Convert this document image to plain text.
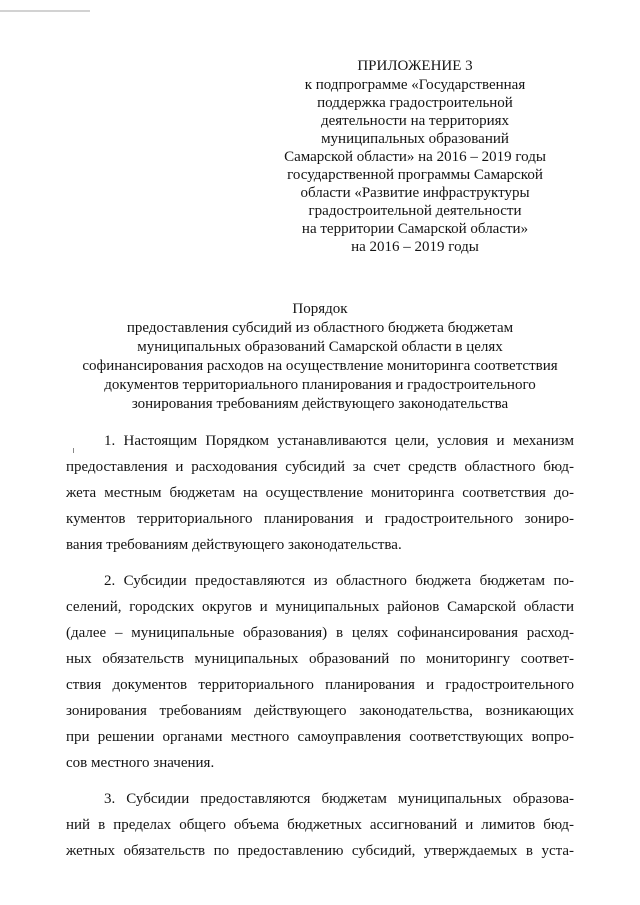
ПРИЛОЖЕНИЕ 3
к подпрограмме «Государственная
поддержка градостроительной
деятельности на территориях
муниципальных образований
Самарской области» на 2016 – 2019 годы
государственной программы Самарской
области «Развитие инфраструктуры
градостроительной деятельности
на территории Самарской области»
на 2016 – 2019 годы
Порядок
предоставления субсидий из областного бюджета бюджетам
муниципальных образований Самарской области в целях
софинансирования расходов на осуществление мониторинга соответствия
документов территориального планирования и градостроительного
зонирования требованиям действующего законодательства
1. Настоящим Порядком устанавливаются цели, условия и механизм
предоставления и расходования субсидий за счет средств областного бюд-
жета местным бюджетам на осуществление мониторинга соответствия до-
кументов территориального планирования и градостроительного зониро-
вания требованиям действующего законодательства.
2. Субсидии предоставляются из областного бюджета бюджетам по-
селений, городских округов и муниципальных районов Самарской области
(далее – муниципальные образования) в целях софинансирования расход-
ных обязательств муниципальных образований по мониторингу соответ-
ствия документов территориального планирования и градостроительного
зонирования требованиям действующего законодательства, возникающих
при решении органами местного самоуправления соответствующих вопро-
сов местного значения.
3. Субсидии предоставляются бюджетам муниципальных образова-
ний в пределах общего объема бюджетных ассигнований и лимитов бюд-
жетных обязательств по предоставлению субсидий, утверждаемых в уста-
